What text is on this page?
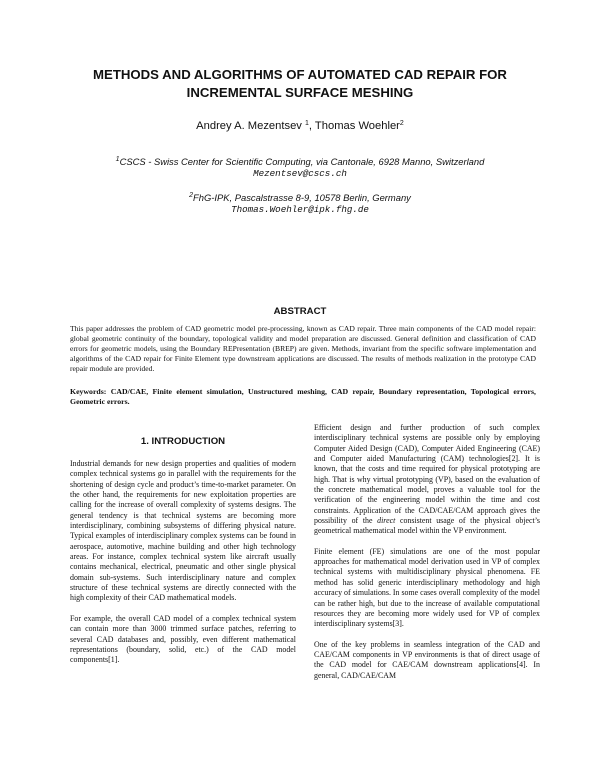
METHODS AND ALGORITHMS OF AUTOMATED CAD REPAIR FOR
INCREMENTAL SURFACE MESHING
Andrey A. Mezentsev $^1$, Thomas Woehler$^2$
$^1$CSCS - Swiss Center for Scientific Computing, via Cantonale, 6928 Manno, Switzerland
Mezentsev@cscs.ch
$^2$FhG-IPK, Pascalstrasse 8-9, 10578 Berlin, Germany
Thomas.Woehler@ipk.fhg.de
ABSTRACT

This paper addresses the problem of CAD geometric model pre-processing, known as CAD repair. Three main components of the CAD model repair: global geometric continuity of the boundary, topological validity and model preparation are discussed. General definition and classification of CAD errors for geometric models, using the Boundary REPresentation (BREP) are given. Methods, invariant from the specific software implementation and algorithms of the CAD repair for Finite Element type downstream applications are discussed. The results of methods realization in the prototype CAD repair module are provided.

Keywords: CAD/CAE, Finite element simulation, Unstructured meshing, CAD repair, Boundary representation, Topological errors, Geometric errors.

1. INTRODUCTION

Industrial demands for new design properties and qualities of modern complex technical systems go in parallel with the requirements for the shortening of design cycle and product’s time-to-market parameter. On the other hand, the requirements for new exploitation properties are calling for the increase of overall complexity of systems designs. The general tendency is that technical systems are becoming more interdisciplinary, combining subsystems of differing physical nature. Typical examples of interdisciplinary complex systems can be found in aerospace, automotive, machine building and other high technology areas. For instance, complex technical system like aircraft usually contains mechanical, electrical, pneumatic and other single physical domain sub-systems. Such interdisciplinary nature and complex structure of these technical systems are directly connected with the high complexity of their CAD mathematical models.

For example, the overall CAD model of a complex technical system can contain more than 3000 trimmed surface patches, referring to several CAD databases and, possibly, even different mathematical representations (boundary, solid, etc.) of the CAD model components[1].

Efficient design and further production of such complex interdisciplinary technical systems are possible only by employing Computer Aided Design (CAD), Computer Aided Engineering (CAE) and Computer aided Manufacturing (CAM) technologies[2]. It is known, that the costs and time required for physical prototyping are high. That is why virtual prototyping (VP), based on the evaluation of the concrete mathematical model, proves a valuable tool for the verification of the engineering model within the time and cost constraints. Application of the CAD/CAE/CAM approach gives the possibility of the direct consistent usage of the physical object’s geometrical mathematical model within the VP environment.

Finite element (FE) simulations are one of the most popular approaches for mathematical model derivation used in VP of complex technical systems with multidisciplinary physical phenomena. FE method has solid generic interdisciplinary methodology and high accuracy of simulations. In some cases overall complexity of the model can be rather high, but due to the increase of available computational resources they are becoming more widely used for VP of complex interdisciplinary systems[3].

One of the key problems in seamless integration of the CAD and CAE/CAM components in VP environments is that of direct usage of the CAD model for CAE/CAM downstream applications[4]. In general, CAD/CAE/CAM
